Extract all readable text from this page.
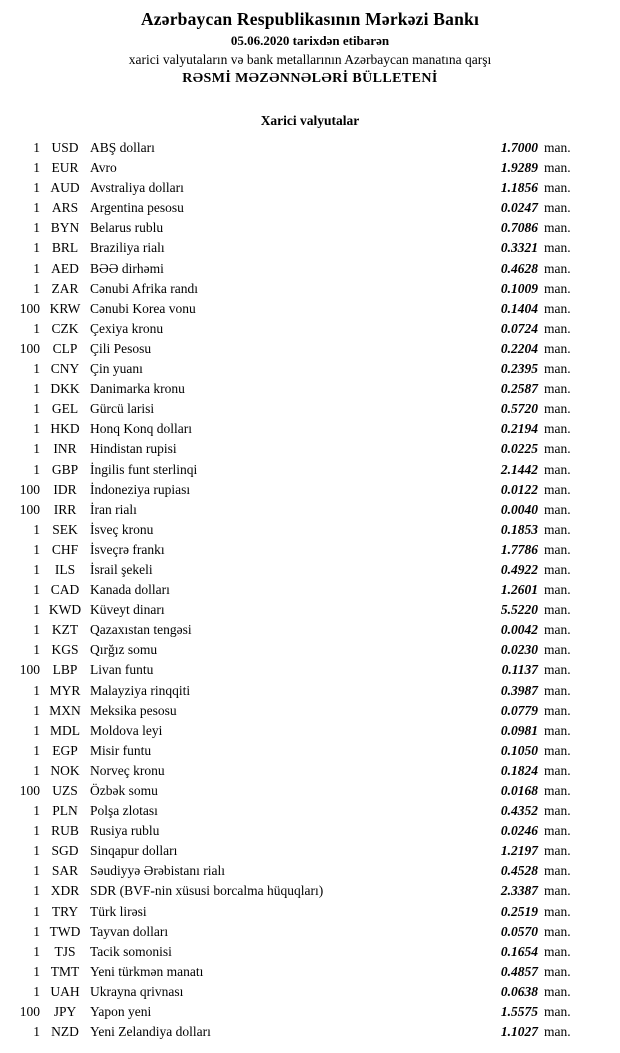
Azərbaycan Respublikasının Mərkəzi Bankı
05.06.2020 tarixdən etibarən
xarici valyutaların və bank metallarının Azərbaycan manatına qarşı
RƏSMİ MƏZƏNNƏLƏRİ BÜLLETENİ
Xarici valyutalar
1 USD ABŞ dolları	1.7000 man.
1 EUR Avro	1.9289 man.
1 AUD Avstraliya dolları	1.1856 man.
1 ARS Argentina pesosu	0.0247 man.
1 BYN Belarus rublu	0.7086 man.
1 BRL Braziliya rialı	0.3321 man.
1 AED BƏƏ dirhəmi	0.4628 man.
1 ZAR Cənubi Afrika randı	0.1009 man.
100 KRW Cənubi Korea vonu	0.1404 man.
1 CZK Çexiya kronu	0.0724 man.
100 CLP Çili Pesosu	0.2204 man.
1 CNY Çin yuanı	0.2395 man.
1 DKK Danimarka kronu	0.2587 man.
1 GEL Gürcü larisi	0.5720 man.
1 HKD Honq Konq dolları	0.2194 man.
1 INR Hindistan rupisi	0.0225 man.
1 GBP İngilis funt sterlinqi	2.1442 man.
100 IDR İndoneziya rupiası	0.0122 man.
100	IRR	İran rialı	0.0040 man.
1 SEK İsveç kronu	0.1853 man.
1 CHF İsveçrə frankı	1.7786 man.
1	ILS	İsrail şekeli	0.4922 man.
1 CAD Kanada dolları	1.2601 man.
1 KWD Küveyt dinarı	5.5220 man.
1 KZT Qazaxıstan tengəsi	0.0042 man.
1 KGS Qırğız somu	0.0230 man.
100 LBP Livan funtu	0.1137 man.
1 MYR Malayziya rinqqiti	0.3987 man.
1 MXN Meksika pesosu	0.0779 man.
1 MDL Moldova leyi	0.0981 man.
1 EGP Misir funtu	0.1050 man.
1 NOK Norveç kronu	0.1824 man.
100 UZS Özbək somu	0.0168 man.
1 PLN Polşa zlotası	0.4352 man.
1 RUB Rusiya rublu	0.0246 man.
1 SGD Sinqapur dolları	1.2197 man.
1 SAR Səudiyyə Ərəbistanı rialı	0.4528 man.
1 XDR SDR (BVF-nin xüsusi borcalma hüquqları)	2.3387 man.
1 TRY Türk lirəsi	0.2519 man.
1 TWD Tayvan dolları	0.0570 man.
1	TJS	Tacik somonisi	0.1654 man.
1 TMT Yeni türkmən manatı	0.4857 man.
1 UAH Ukrayna qrivnası	0.0638 man.
100	JPY	Yapon yeni	1.5575 man.
1 NZD Yeni Zelandiya dolları	1.1027 man.
